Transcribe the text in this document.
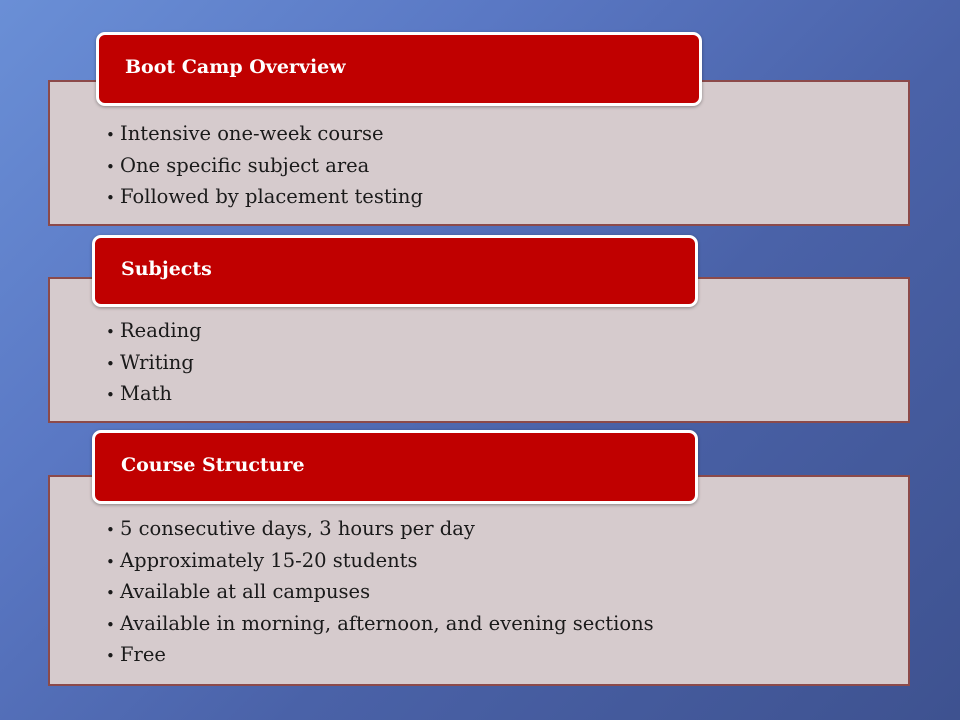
• Intensive one-week course
• One specific subject area
• Followed by placement testing
Boot Camp Overview
• Reading
• Writing
• Math
Subjects
• 5 consecutive days, 3 hours per day
• Approximately 15-20 students
• Available at all campuses
• Available in morning, afternoon, and evening sections
• Free
Course Structure
